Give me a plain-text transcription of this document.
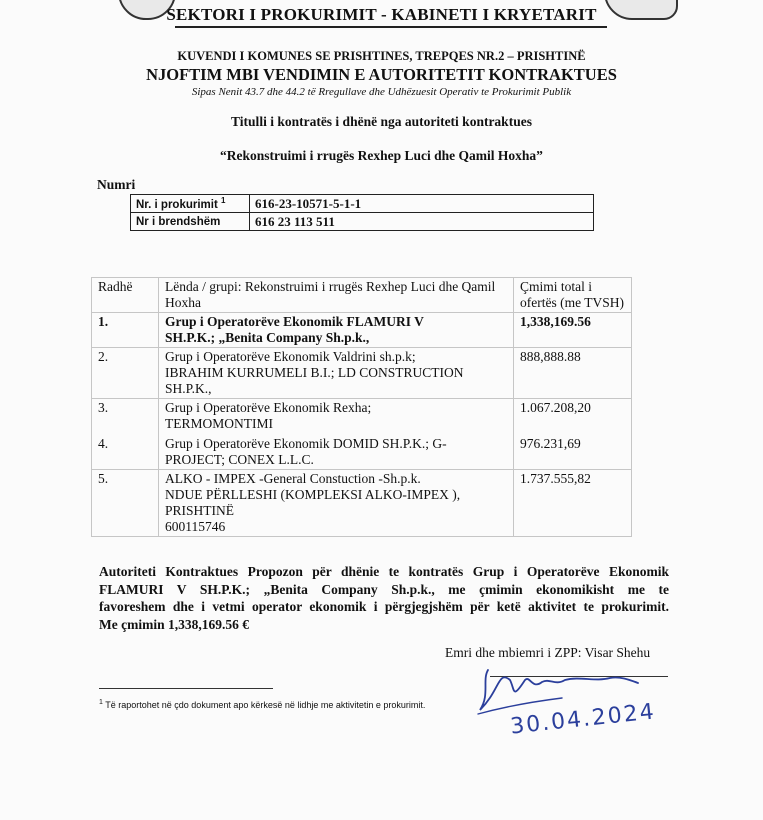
SEKTORI I PROKURIMIT - KABINETI I KRYETARIT
KUVENDI I KOMUNES SE PRISHTINES, TREPQES NR.2 – PRISHTINË
NJOFTIM MBI VENDIMIN E AUTORITETIT KONTRAKTUES
Sipas Nenit 43.7 dhe 44.2 të Rregullave dhe Udhëzuesit Operativ te Prokurimit Publik
Titulli i kontratës i dhënë nga autoriteti kontraktues
“Rekonstruimi i rrugës Rexhep Luci dhe Qamil Hoxha”
Numri
Nr. i prokurimit $^1$	616-23-10571-5-1-1
Nr i brendshëm	616 23 113 511
Radhë	Lënda / grupi: Rekonstruimi i rrugës Rexhep Luci dhe Qamil Hoxha	Çmimi total i ofertës (me TVSH)
1.	Grup i Operatorëve Ekonomik FLAMURI V
SH.P.K.; „Benita Company Sh.p.k.,	1,338,169.56
2.	Grup i Operatorëve Ekonomik Valdrini sh.p.k;
IBRAHIM KURRUMELI B.I.; LD CONSTRUCTION
SH.P.K.,	888,888.88
3.	Grup i Operatorëve Ekonomik Rexha;
TERMOMONTIMI	1.067.208,20
4.	Grup i Operatorëve Ekonomik DOMID SH.P.K.; G-
PROJECT; CONEX L.L.C.	976.231,69
5.	ALKO - IMPEX -General Constuction -Sh.p.k.
NDUE PËRLLESHI (KOMPLEKSI ALKO-IMPEX ),
PRISHTINË
600115746	1.737.555,82
Autoriteti Kontraktues Propozon për dhënie te kontratës Grup i Operatorëve Ekonomik
FLAMURI V SH.P.K.; „Benita Company Sh.p.k., me çmimin ekonomikisht me te
favoreshem dhe i vetmi operator ekonomik i përgjegjshëm për ketë aktivitet te prokurimit.
Me çmimin 1,338,169.56 €
Emri dhe mbiemri i ZPP: Visar Shehu
30.04.2024
$^1$ Të raportohet në çdo dokument apo kërkesë në lidhje me aktivitetin e prokurimit.
